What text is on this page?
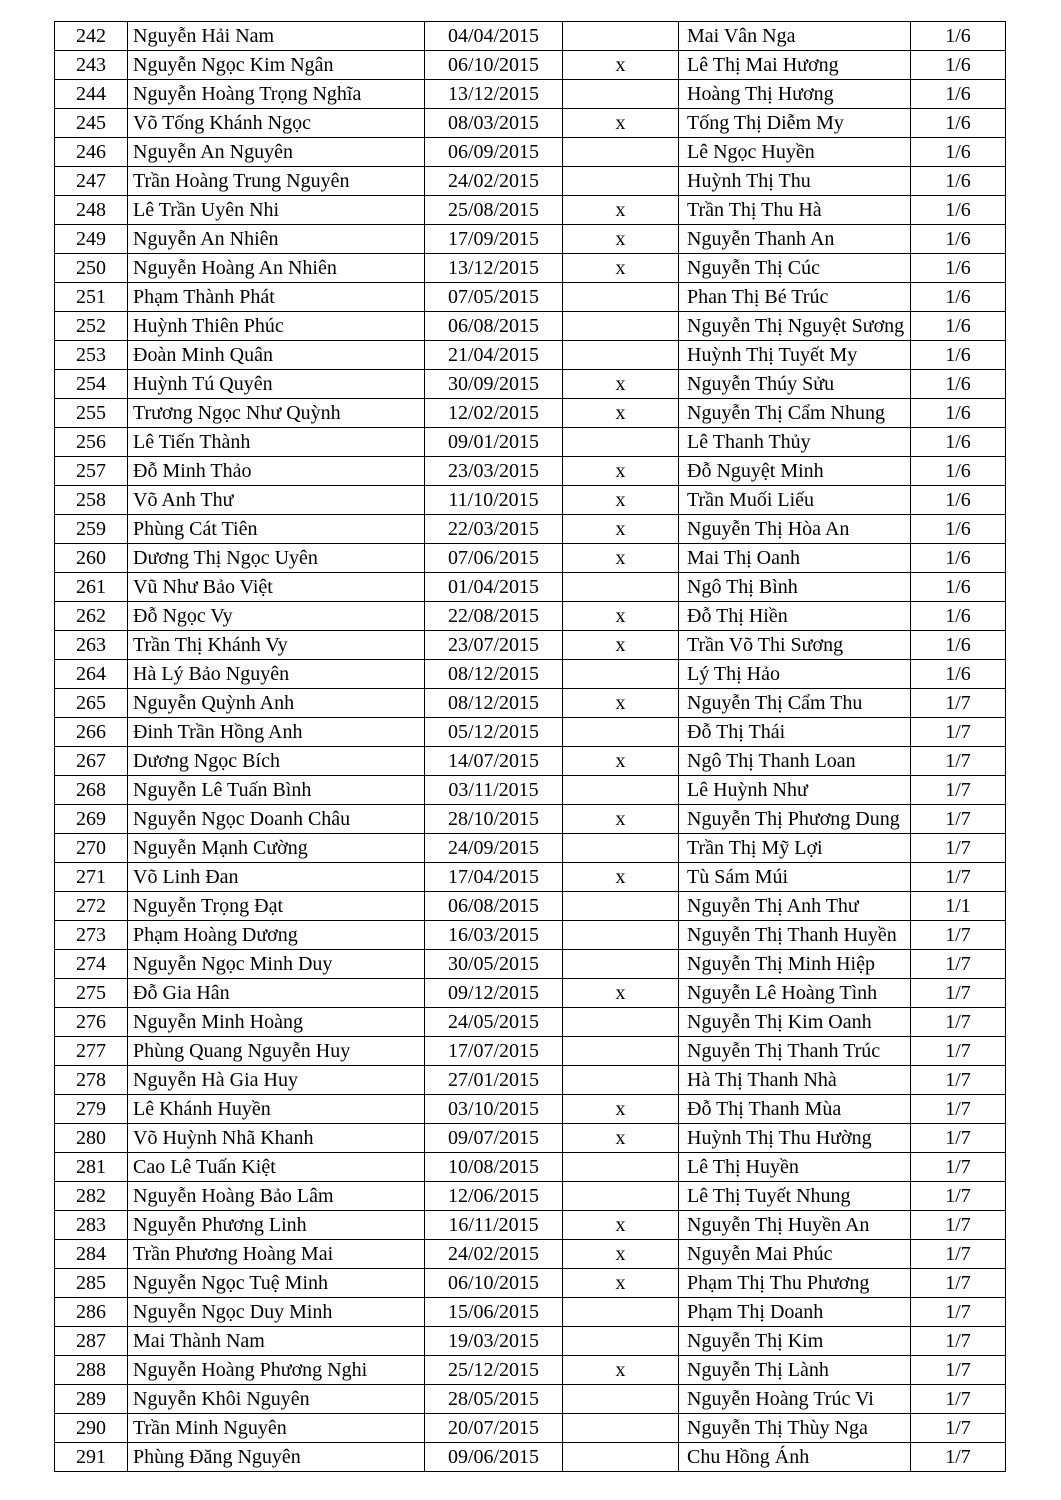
242	Nguyễn Hải Nam	04/04/2015		Mai Vân Nga	1/6
243	Nguyễn Ngọc Kim Ngân	06/10/2015	x	Lê Thị Mai Hương	1/6
244	Nguyễn Hoàng Trọng Nghĩa	13/12/2015		Hoàng Thị Hương	1/6
245	Võ Tống Khánh Ngọc	08/03/2015	x	Tống Thị Diễm My	1/6
246	Nguyễn An Nguyên	06/09/2015		Lê Ngọc Huyền	1/6
247	Trần Hoàng Trung Nguyên	24/02/2015		Huỳnh Thị Thu	1/6
248	Lê Trần Uyên Nhi	25/08/2015	x	Trần Thị Thu Hà	1/6
249	Nguyễn An Nhiên	17/09/2015	x	Nguyễn Thanh An	1/6
250	Nguyễn Hoàng An Nhiên	13/12/2015	x	Nguyễn Thị Cúc	1/6
251	Phạm Thành Phát	07/05/2015		Phan Thị Bé Trúc	1/6
252	Huỳnh Thiên Phúc	06/08/2015		Nguyễn Thị Nguyệt Sương	1/6
253	Đoàn Minh Quân	21/04/2015		Huỳnh Thị Tuyết My	1/6
254	Huỳnh Tú Quyên	30/09/2015	x	Nguyễn Thúy Sửu	1/6
255	Trương Ngọc Như Quỳnh	12/02/2015	x	Nguyễn Thị Cẩm Nhung	1/6
256	Lê Tiến Thành	09/01/2015		Lê Thanh Thủy	1/6
257	Đỗ Minh Thảo	23/03/2015	x	Đỗ Nguyệt Minh	1/6
258	Võ Anh Thư	11/10/2015	x	Trần Muối Liếu	1/6
259	Phùng Cát Tiên	22/03/2015	x	Nguyễn Thị Hòa An	1/6
260	Dương Thị Ngọc Uyên	07/06/2015	x	Mai Thị Oanh	1/6
261	Vũ Như Bảo Việt	01/04/2015		Ngô Thị Bình	1/6
262	Đỗ Ngọc Vy	22/08/2015	x	Đỗ Thị Hiền	1/6
263	Trần Thị Khánh Vy	23/07/2015	x	Trần Võ Thi Sương	1/6
264	Hà Lý Bảo Nguyên	08/12/2015		Lý Thị Hảo	1/6
265	Nguyễn Quỳnh Anh	08/12/2015	x	Nguyễn Thị Cẩm Thu	1/7
266	Đinh Trần Hồng Anh	05/12/2015		Đỗ Thị Thái	1/7
267	Dương Ngọc Bích	14/07/2015	x	Ngô Thị Thanh Loan	1/7
268	Nguyễn Lê Tuấn Bình	03/11/2015		Lê Huỳnh Như	1/7
269	Nguyễn Ngọc Doanh Châu	28/10/2015	x	Nguyễn Thị Phương Dung	1/7
270	Nguyễn Mạnh Cường	24/09/2015		Trần Thị Mỹ Lợi	1/7
271	Võ Linh Đan	17/04/2015	x	Tù Sám Múi	1/7
272	Nguyễn Trọng Đạt	06/08/2015		Nguyễn Thị Anh Thư	1/1
273	Phạm Hoàng Dương	16/03/2015		Nguyễn Thị Thanh Huyền	1/7
274	Nguyễn Ngọc Minh Duy	30/05/2015		Nguyễn Thị Minh Hiệp	1/7
275	Đỗ Gia Hân	09/12/2015	x	Nguyễn Lê Hoàng Tình	1/7
276	Nguyễn Minh Hoàng	24/05/2015		Nguyễn Thị Kim Oanh	1/7
277	Phùng Quang Nguyễn Huy	17/07/2015		Nguyễn Thị Thanh Trúc	1/7
278	Nguyễn Hà Gia Huy	27/01/2015		Hà Thị Thanh Nhà	1/7
279	Lê Khánh Huyền	03/10/2015	x	Đỗ Thị Thanh Mùa	1/7
280	Võ Huỳnh Nhã Khanh	09/07/2015	x	Huỳnh Thị Thu Hường	1/7
281	Cao Lê Tuấn Kiệt	10/08/2015		Lê Thị Huyền	1/7
282	Nguyễn Hoàng Bảo Lâm	12/06/2015		Lê Thị Tuyết Nhung	1/7
283	Nguyễn Phương Linh	16/11/2015	x	Nguyễn Thị Huyền An	1/7
284	Trần Phương Hoàng Mai	24/02/2015	x	Nguyễn Mai Phúc	1/7
285	Nguyễn Ngọc Tuệ Minh	06/10/2015	x	Phạm Thị Thu Phương	1/7
286	Nguyễn Ngọc Duy Minh	15/06/2015		Phạm Thị Doanh	1/7
287	Mai Thành Nam	19/03/2015		Nguyễn Thị Kim	1/7
288	Nguyễn Hoàng Phương Nghi	25/12/2015	x	Nguyễn Thị Lành	1/7
289	Nguyễn Khôi Nguyên	28/05/2015		Nguyễn Hoàng Trúc Vi	1/7
290	Trần Minh Nguyên	20/07/2015		Nguyễn Thị Thùy Nga	1/7
291	Phùng Đăng Nguyên	09/06/2015		Chu Hồng Ánh	1/7
